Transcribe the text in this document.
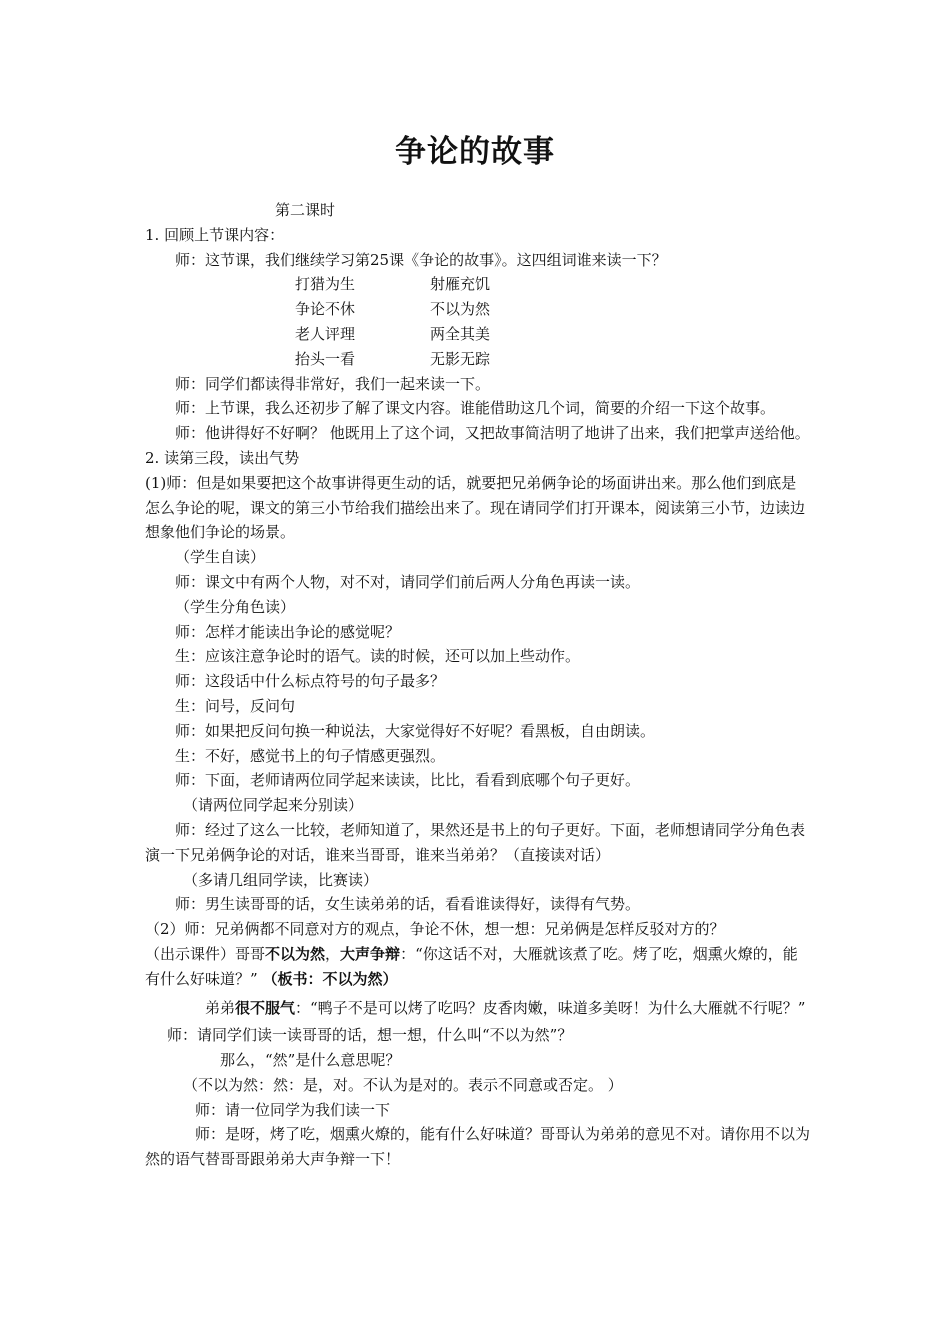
争论的故事

第二课时

1. 回顾上节课内容：

师：这节课，我们继续学习第25课《争论的故事》。这四组词谁来读一下？

打猎为生	射雁充饥
争论不休	不以为然
老人评理	两全其美
抬头一看	无影无踪

师：同学们都读得非常好，我们一起来读一下。

师：上节课，我么还初步了解了课文内容。谁能借助这几个词，简要的介绍一下这个故事。

师：他讲得好不好啊？ 他既用上了这个词，又把故事简洁明了地讲了出来，我们把掌声送给他。

2. 读第三段，读出气势

(1)师：但是如果要把这个故事讲得更生动的话，就要把兄弟俩争论的场面讲出来。那么他们到底是怎么争论的呢，课文的第三小节给我们描绘出来了。现在请同学们打开课本，阅读第三小节，边读边想象他们争论的场景。

（学生自读）

师：课文中有两个人物，对不对，请同学们前后两人分角色再读一读。

（学生分角色读）

师：怎样才能读出争论的感觉呢？

生：应该注意争论时的语气。读的时候，还可以加上些动作。

师：这段话中什么标点符号的句子最多？

生：问号，反问句

师：如果把反问句换一种说法，大家觉得好不好呢？看黑板，自由朗读。

生：不好，感觉书上的句子情感更强烈。

师：下面，老师请两位同学起来读读，比比，看看到底哪个句子更好。

（请两位同学起来分别读）

师：经过了这么一比较，老师知道了，果然还是书上的句子更好。下面，老师想请同学分角色表演一下兄弟俩争论的对话，谁来当哥哥，谁来当弟弟？（直接读对话）

（多请几组同学读，比赛读）

师：男生读哥哥的话，女生读弟弟的话，看看谁读得好，读得有气势。

（2）师：兄弟俩都不同意对方的观点，争论不休，想一想：兄弟俩是怎样反驳对方的？

（出示课件）哥哥不以为然，大声争辩：“你这话不对，大雁就该煮了吃。烤了吃，烟熏火燎的，能有什么好味道？” （板书：不以为然）

弟弟很不服气：“鸭子不是可以烤了吃吗？皮香肉嫩，味道多美呀！为什么大雁就不行呢？”

师：请同学们读一读哥哥的话，想一想，什么叫“不以为然”？

那么，“然”是什么意思呢？

（不以为然：然：是，对。不认为是对的。表示不同意或否定。 ）

师：请一位同学为我们读一下

师：是呀，烤了吃，烟熏火燎的，能有什么好味道？哥哥认为弟弟的意见不对。请你用不以为然的语气替哥哥跟弟弟大声争辩一下！
